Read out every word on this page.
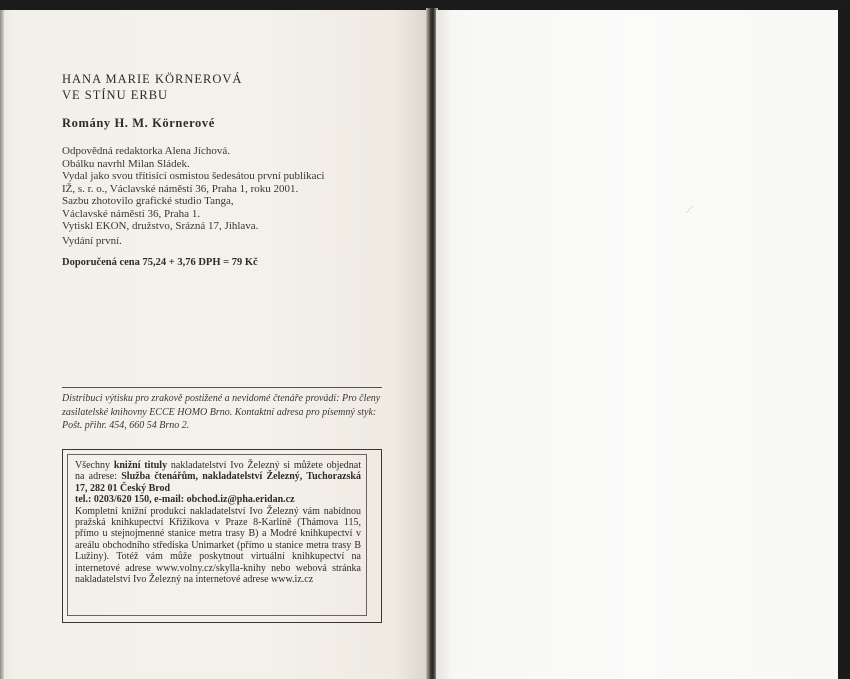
⟋
HANA MARIE KÖRNEROVÁ
VE STÍNU ERBU
Romány H. M. Körnerové
Odpovědná redaktorka Alena Jíchová.
Obálku navrhl Milan Sládek.
Vydal jako svou třítisící osmistou šedesátou první publikaci
IŽ, s. r. o., Václavské náměstí 36, Praha 1, roku 2001.
Sazbu zhotovilo grafické studio Tanga,
Václavské náměstí 36, Praha 1.
Vytiskl EKON, družstvo, Srázná 17, Jihlava.
Vydání první.
Doporučená cena 75,24 + 3,76 DPH = 79 Kč
Distribuci výtisku pro zrakově postižené a nevidomé čtenáře provádí: Pro členy zasilatelské knihovny ECCE HOMO Brno. Kontaktní adresa pro písemný styk: Pošt. přihr. 454, 660 54 Brno 2.

Všechny knižní tituly nakladatelství Ivo Železný si můžete objednat na adrese: Služba čtenářům, nakladatelství Železný, Tuchorazská 17, 282 01 Český Brod

tel.: 0203/620 150, e-mail: obchod.iz@pha.eridan.cz

Kompletní knižní produkci nakladatelství Ivo Železný vám nabídnou pražská knihkupectví Křižíkova v Praze 8-Karlíně (Thámova 115, přímo u stejnojmenné stanice metra trasy B) a Modré knihkupectví v areálu obchodního střediska Unimarket (přímo u stanice metra trasy B Lužiny). Totéž vám může poskytnout virtuální knihkupectví na internetové adrese www.volny.cz/skylla-knihy nebo webová stránka nakladatelství Ivo Železný na internetové adrese www.iz.cz
